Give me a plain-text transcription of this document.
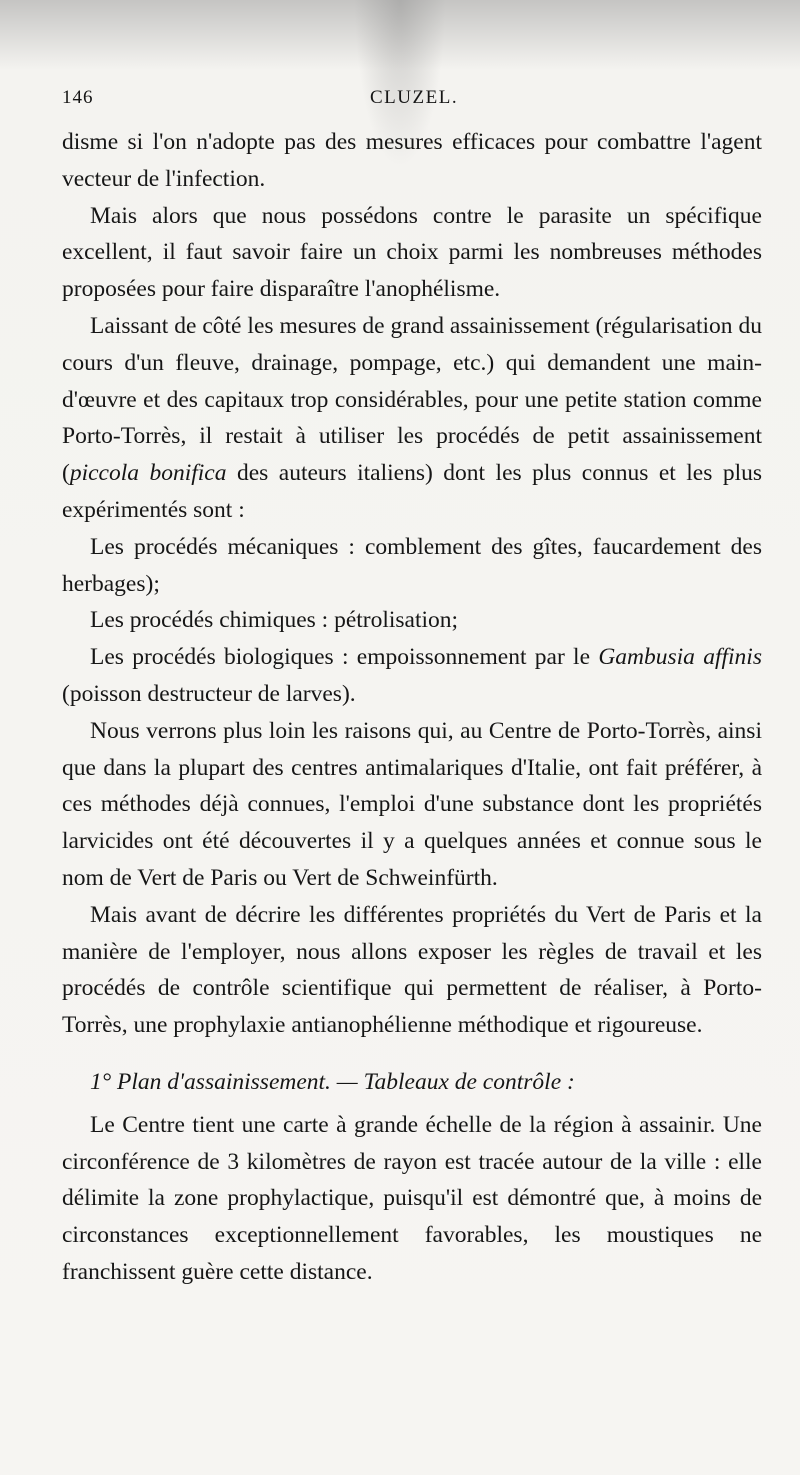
146	CLUZEL.

disme si l'on n'adopte pas des mesures efficaces pour combattre l'agent vecteur de l'infection.

Mais alors que nous possédons contre le parasite un spécifique excellent, il faut savoir faire un choix parmi les nombreuses méthodes proposées pour faire disparaître l'anophélisme.

Laissant de côté les mesures de grand assainissement (régularisation du cours d'un fleuve, drainage, pompage, etc.) qui demandent une main-d'œuvre et des capitaux trop considérables, pour une petite station comme Porto-Torrès, il restait à utiliser les procédés de petit assainissement (piccola bonifica des auteurs italiens) dont les plus connus et les plus expérimentés sont :

Les procédés mécaniques : comblement des gîtes, faucardement des herbages);

Les procédés chimiques : pétrolisation;

Les procédés biologiques : empoissonnement par le Gambusia affinis (poisson destructeur de larves).

Nous verrons plus loin les raisons qui, au Centre de Porto-Torrès, ainsi que dans la plupart des centres antimalariques d'Italie, ont fait préférer, à ces méthodes déjà connues, l'emploi d'une substance dont les propriétés larvicides ont été découvertes il y a quelques années et connue sous le nom de Vert de Paris ou Vert de Schweinfürth.

Mais avant de décrire les différentes propriétés du Vert de Paris et la manière de l'employer, nous allons exposer les règles de travail et les procédés de contrôle scientifique qui permettent de réaliser, à Porto-Torrès, une prophylaxie antianophélienne méthodique et rigoureuse.

1° Plan d'assainissement. — Tableaux de contrôle :

Le Centre tient une carte à grande échelle de la région à assainir. Une circonférence de 3 kilomètres de rayon est tracée autour de la ville : elle délimite la zone prophylactique, puisqu'il est démontré que, à moins de circonstances exceptionnellement favorables, les moustiques ne franchissent guère cette distance.
